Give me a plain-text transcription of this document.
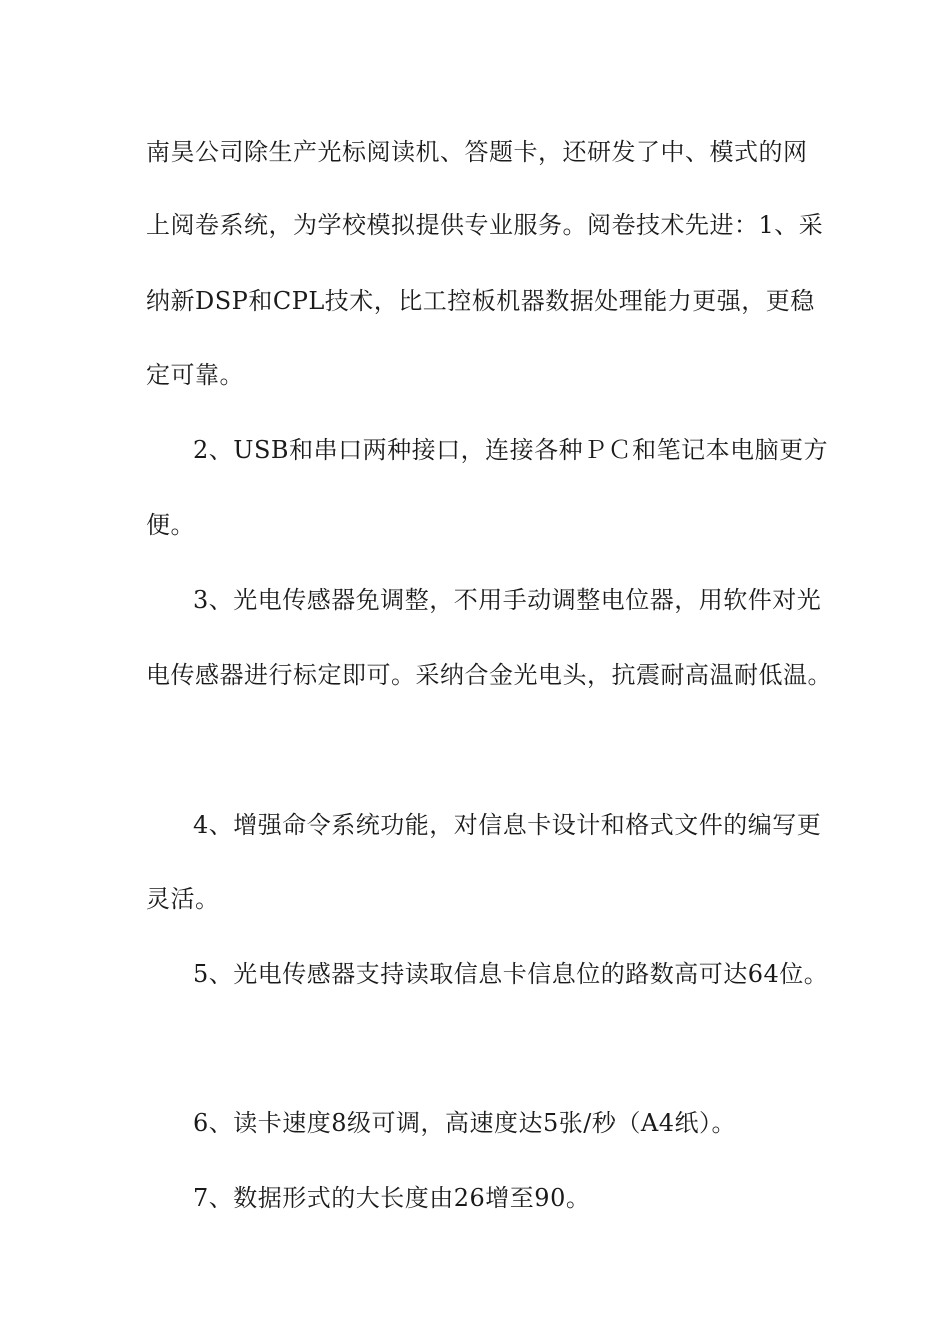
南昊公司除生产光标阅读机、答题卡，还研发了中、模式的网
上阅卷系统，为学校模拟提供专业服务。阅卷技术先进：1、采
纳新DSP和CPL技术，比工控板机器数据处理能力更强，更稳
定可靠。
2、USB和串口两种接口，连接各种ＰＣ和笔记本电脑更方
便。
3、光电传感器免调整，不用手动调整电位器，用软件对光
电传感器进行标定即可。采纳合金光电头，抗震耐高温耐低温。
4、增强命令系统功能，对信息卡设计和格式文件的编写更
灵活。
5、光电传感器支持读取信息卡信息位的路数高可达64位。
6、读卡速度8级可调，高速度达5张/秒（A4纸）。
7、数据形式的大长度由26增至90。
